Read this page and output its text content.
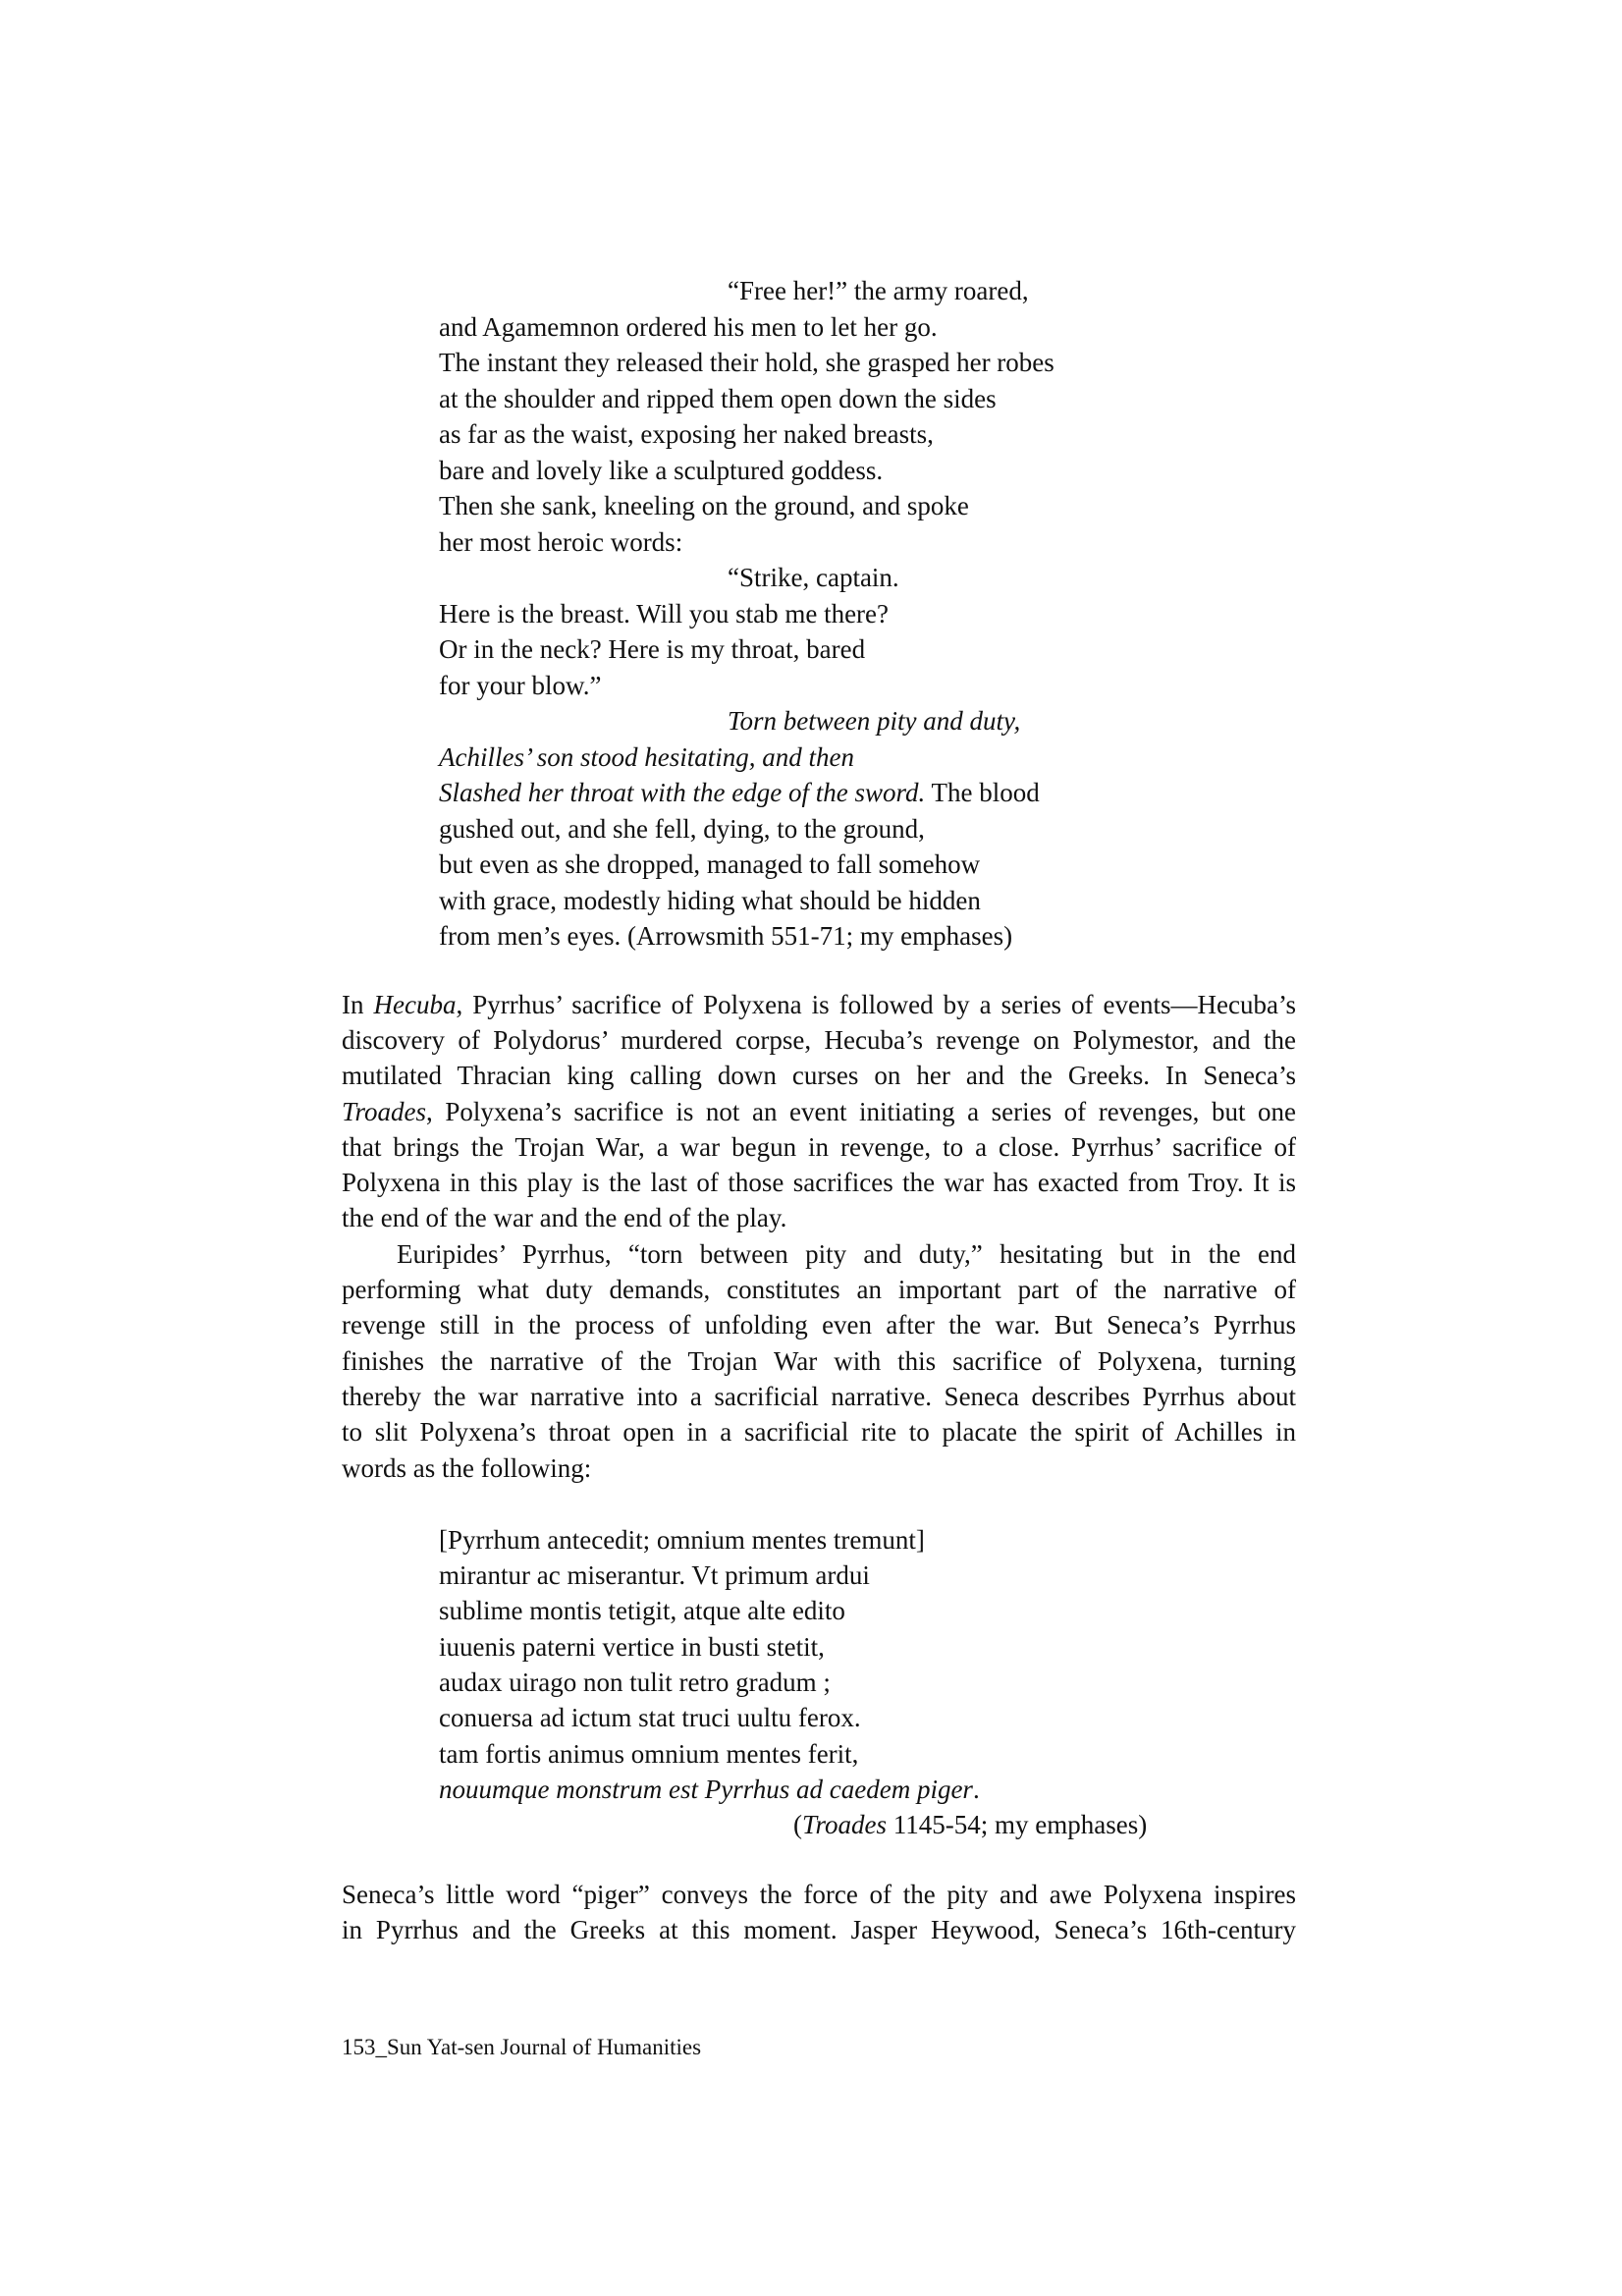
“Free her!” the army roared,
and Agamemnon ordered his men to let her go.
The instant they released their hold, she grasped her robes
at the shoulder and ripped them open down the sides
as far as the waist, exposing her naked breasts,
bare and lovely like a sculptured goddess.
Then she sank, kneeling on the ground, and spoke
her most heroic words:
“Strike, captain.
Here is the breast. Will you stab me there?
Or in the neck? Here is my throat, bared
for your blow.”
Torn between pity and duty,
Achilles’ son stood hesitating, and then
Slashed her throat with the edge of the sword. The blood
gushed out, and she fell, dying, to the ground,
but even as she dropped, managed to fall somehow
with grace, modestly hiding what should be hidden
from men’s eyes. (Arrowsmith 551-71; my emphases)
In Hecuba, Pyrrhus’ sacrifice of Polyxena is followed by a series of events—Hecuba’s
discovery of Polydorus’ murdered corpse, Hecuba’s revenge on Polymestor, and the
mutilated Thracian king calling down curses on her and the Greeks. In Seneca’s
Troades, Polyxena’s sacrifice is not an event initiating a series of revenges, but one
that brings the Trojan War, a war begun in revenge, to a close. Pyrrhus’ sacrifice of
Polyxena in this play is the last of those sacrifices the war has exacted from Troy. It is
the end of the war and the end of the play.
Euripides’ Pyrrhus, “torn between pity and duty,” hesitating but in the end
performing what duty demands, constitutes an important part of the narrative of
revenge still in the process of unfolding even after the war. But Seneca’s Pyrrhus
finishes the narrative of the Trojan War with this sacrifice of Polyxena, turning
thereby the war narrative into a sacrificial narrative. Seneca describes Pyrrhus about
to slit Polyxena’s throat open in a sacrificial rite to placate the spirit of Achilles in
words as the following:
[Pyrrhum antecedit; omnium mentes tremunt]
mirantur ac miserantur. Vt primum ardui
sublime montis tetigit, atque alte edito
iuuenis paterni vertice in busti stetit,
audax uirago non tulit retro gradum ;
conuersa ad ictum stat truci uultu ferox.
tam fortis animus omnium mentes ferit,
nouumque monstrum est Pyrrhus ad caedem piger.
(Troades 1145-54; my emphases)
Seneca’s little word “piger” conveys the force of the pity and awe Polyxena inspires
in Pyrrhus and the Greeks at this moment. Jasper Heywood, Seneca’s 16th-century
153_Sun Yat-sen Journal of Humanities
